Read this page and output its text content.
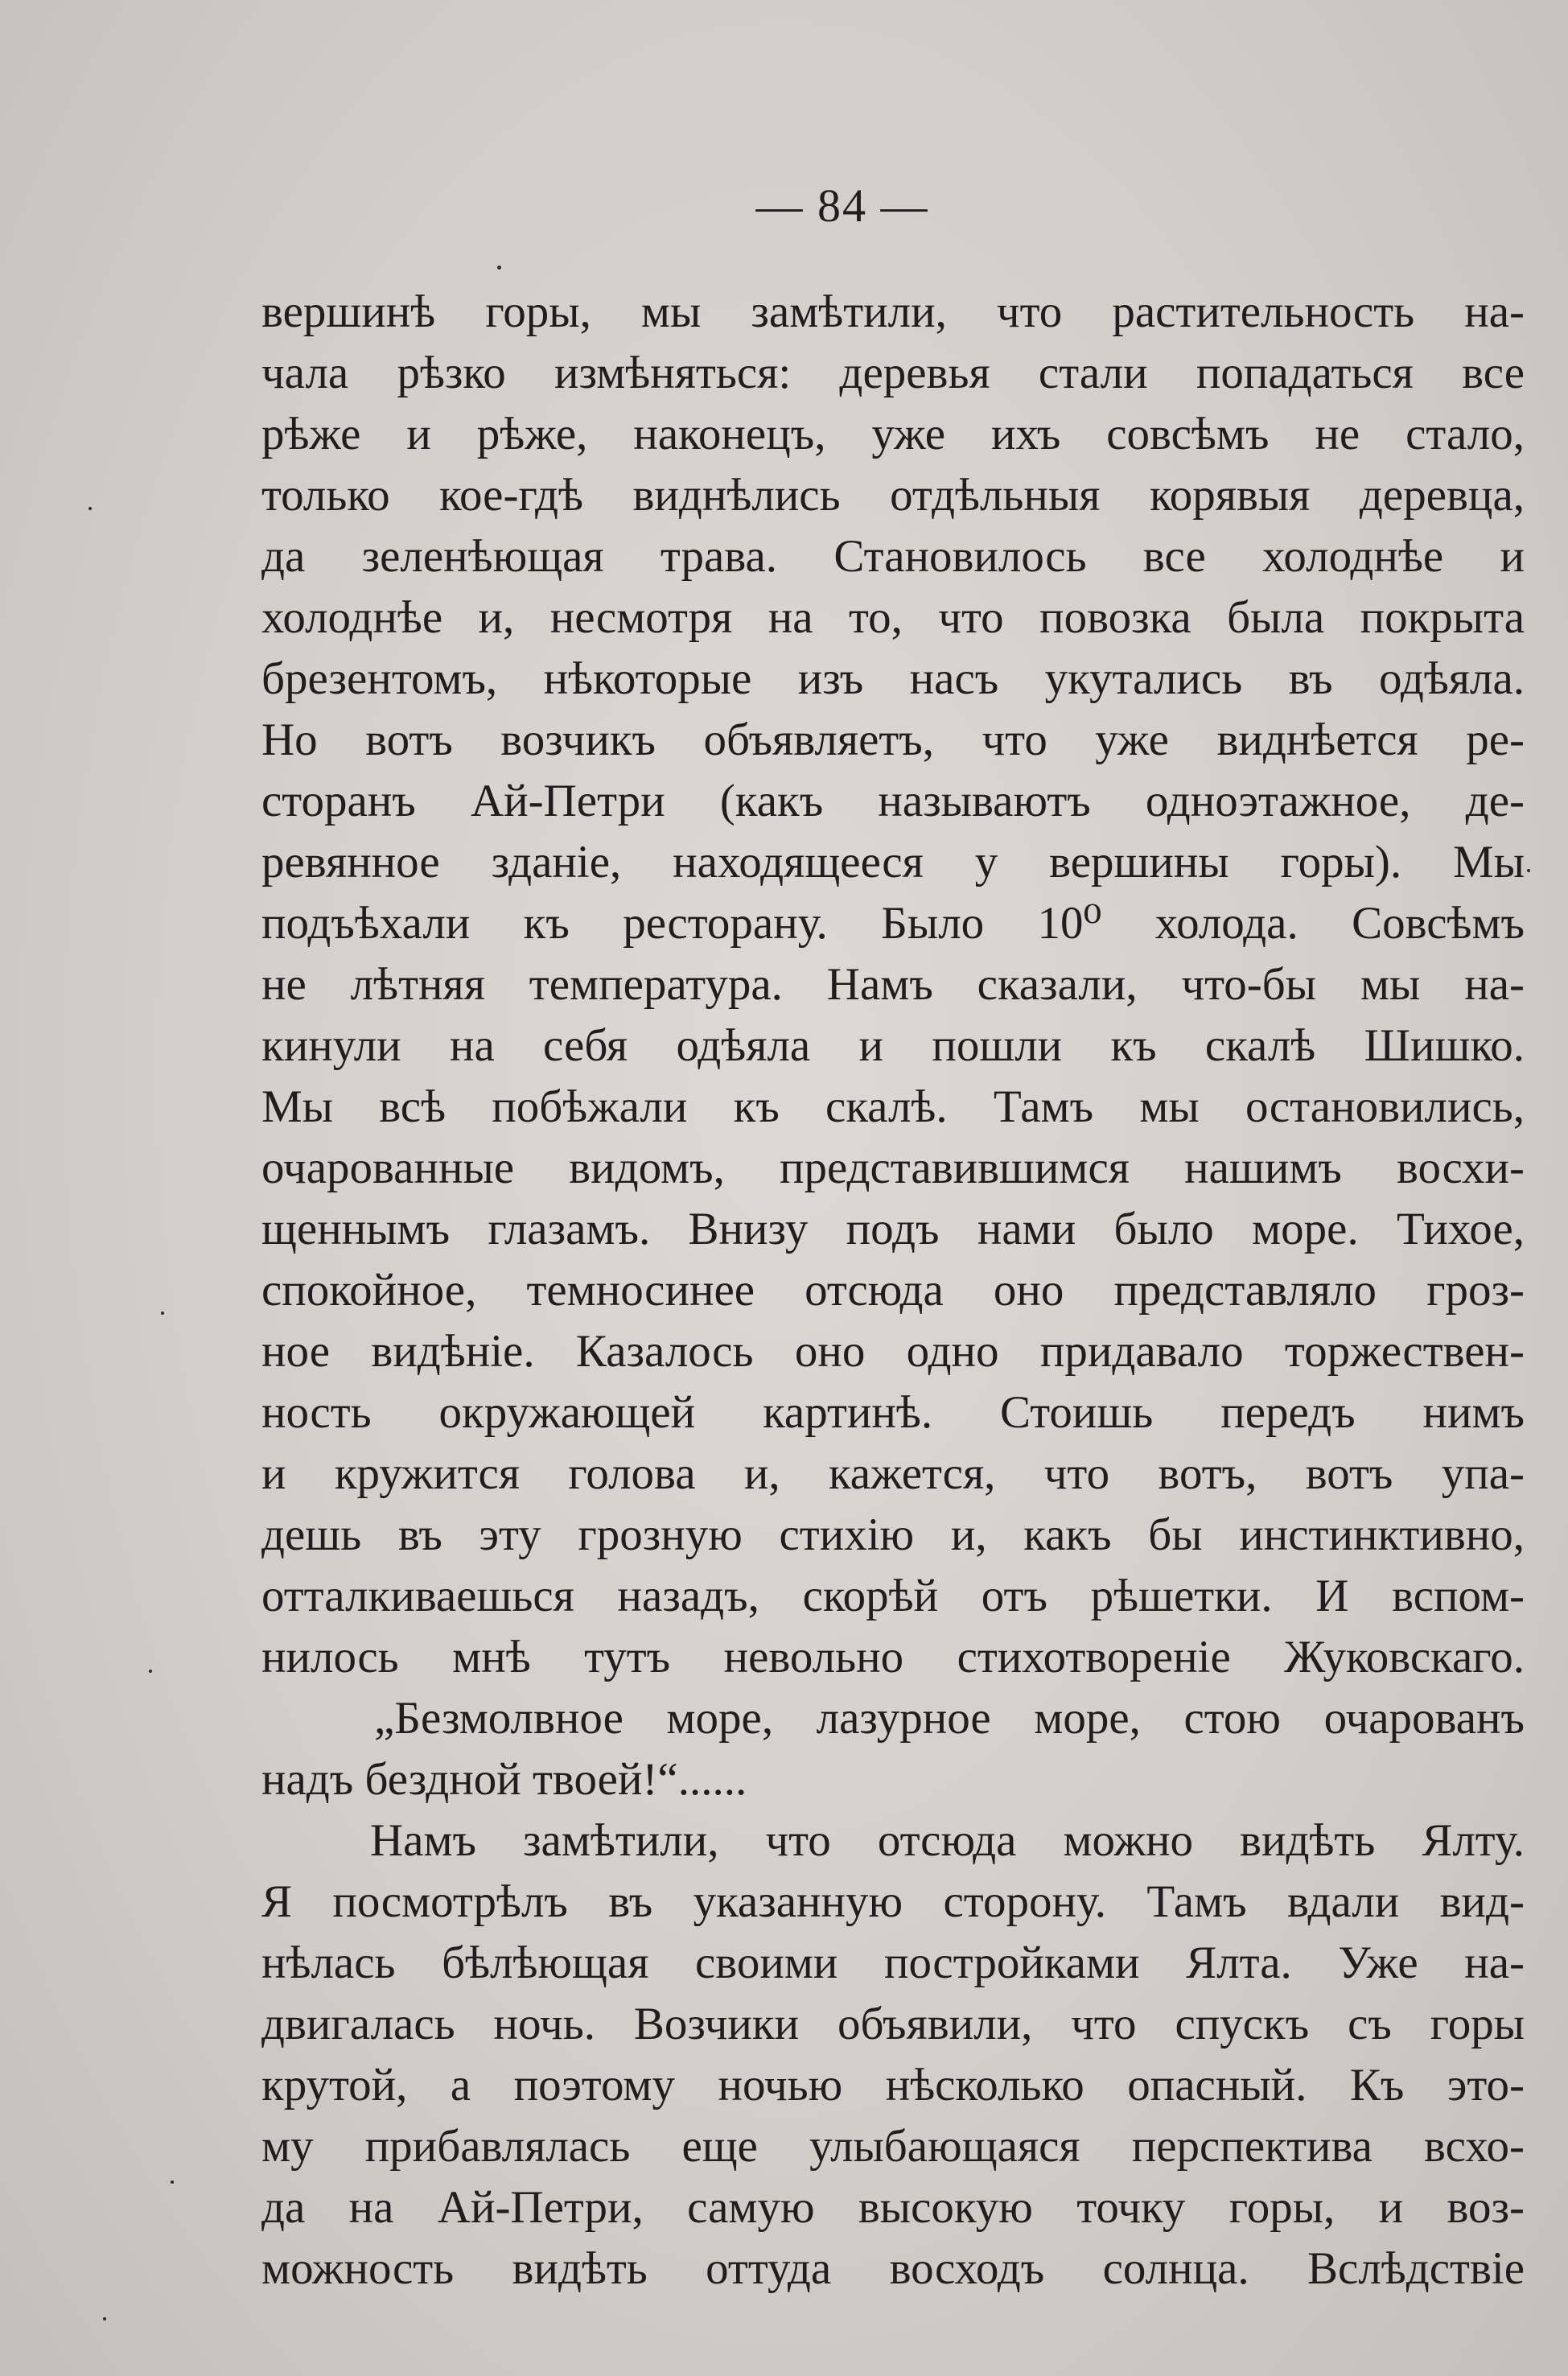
— 84 —
вершинѣ горы, мы замѣтили, что растительность на-
чала рѣзко измѣняться: деревья стали попадаться все
рѣже и рѣже, наконецъ, уже ихъ совсѣмъ не стало,
только кое-гдѣ виднѣлись отдѣльныя корявыя деревца,
да зеленѣющая трава. Становилось все холоднѣе и
холоднѣе и, несмотря на то, что повозка была покрыта
брезентомъ, нѣкоторые изъ насъ укутались въ одѣяла.
Но вотъ возчикъ объявляетъ, что уже виднѣется ре-
сторанъ Ай-Петри (какъ называютъ одноэтажное, де-
ревянное зданіе, находящееся у вершины горы). Мы
подъѣхали къ ресторану. Было 10⁰ холода. Совсѣмъ
не лѣтняя температура. Намъ сказали, что-бы мы на-
кинули на себя одѣяла и пошли къ скалѣ Шишко.
Мы всѣ побѣжали къ скалѣ. Тамъ мы остановились,
очарованные видомъ, представившимся нашимъ восхи-
щеннымъ глазамъ. Внизу подъ нами было море. Тихое,
спокойное, темносинее отсюда оно представляло гроз-
ное видѣніе. Казалось оно одно придавало торжествен-
ность окружающей картинѣ. Стоишь передъ нимъ
и кружится голова и, кажется, что вотъ, вотъ упа-
дешь въ эту грозную стихію и, какъ бы инстинктивно,
отталкиваешься назадъ, скорѣй отъ рѣшетки. И вспом-
нилось мнѣ тутъ невольно стихотвореніе Жуковскаго.
„Безмолвное море, лазурное море, стою очарованъ
надъ бездной твоей!“......
Намъ замѣтили, что отсюда можно видѣть Ялту.
Я посмотрѣлъ въ указанную сторону. Тамъ вдали вид-
нѣлась бѣлѣющая своими постройками Ялта. Уже на-
двигалась ночь. Возчики объявили, что спускъ съ горы
крутой, а поэтому ночью нѣсколько опасный. Къ это-
му прибавлялась еще улыбающаяся перспектива всхо-
да на Ай-Петри, самую высокую точку горы, и воз-
можность видѣть оттуда восходъ солнца. Вслѣдствіе
